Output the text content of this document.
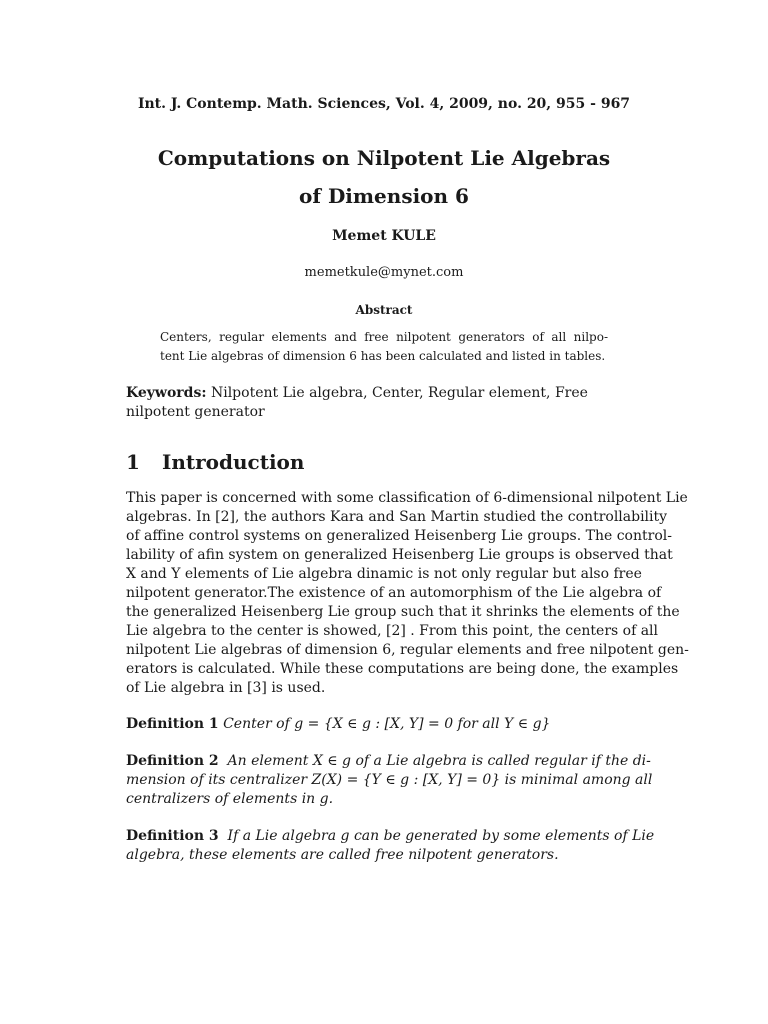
Int. J. Contemp. Math. Sciences, Vol. 4, 2009, no. 20, 955 - 967
Computations on Nilpotent Lie Algebras
of Dimension 6
Memet KULE
memetkule@mynet.com
Abstract
Centers, regular elements and free nilpotent generators of all nilpo-
tent Lie algebras of dimension 6 has been calculated and listed in tables.
Keywords: Nilpotent Lie algebra, Center, Regular element, Free nilpotent generator
1 Introduction
This paper is concerned with some classification of 6-dimensional nilpotent Lie
algebras. In [2], the authors Kara and San Martin studied the controllability
of affine control systems on generalized Heisenberg Lie groups. The control-
lability of afin system on generalized Heisenberg Lie groups is observed that
X and Y elements of Lie algebra dinamic is not only regular but also free
nilpotent generator.The existence of an automorphism of the Lie algebra of
the generalized Heisenberg Lie group such that it shrinks the elements of the
Lie algebra to the center is showed, [2] . From this point, the centers of all
nilpotent Lie algebras of dimension 6, regular elements and free nilpotent gen-
erators is calculated. While these computations are being done, the examples
of Lie algebra in [3] is used.
Definition 1 Center of g = {X ∈ g : [X, Y] = 0 for all Y ∈ g}
Definition 2 An element X ∈ g of a Lie algebra is called regular if the di-
mension of its centralizer Z(X) = {Y ∈ g : [X, Y] = 0} is minimal among all
centralizers of elements in g.
Definition 3 If a Lie algebra g can be generated by some elements of Lie
algebra, these elements are called free nilpotent generators.
